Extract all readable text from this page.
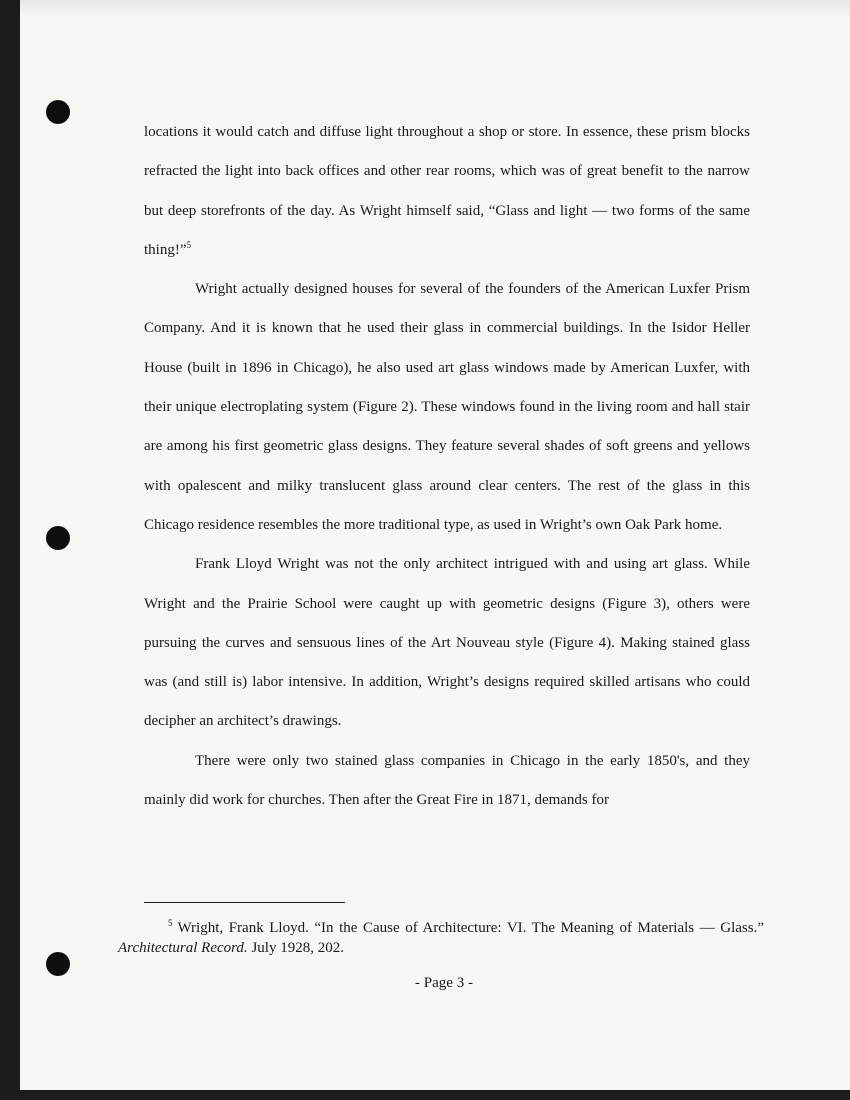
locations it would catch and diffuse light throughout a shop or store. In essence, these prism blocks refracted the light into back offices and other rear rooms, which was of great benefit to the narrow but deep storefronts of the day. As Wright himself said, “Glass and light — two forms of the same thing!”$^5$

Wright actually designed houses for several of the founders of the American Luxfer Prism Company. And it is known that he used their glass in commercial buildings. In the Isidor Heller House (built in 1896 in Chicago), he also used art glass windows made by American Luxfer, with their unique electroplating system (Figure 2). These windows found in the living room and hall stair are among his first geometric glass designs. They feature several shades of soft greens and yellows with opalescent and milky translucent glass around clear centers. The rest of the glass in this Chicago residence resembles the more traditional type, as used in Wright’s own Oak Park home.

Frank Lloyd Wright was not the only architect intrigued with and using art glass. While Wright and the Prairie School were caught up with geometric designs (Figure 3), others were pursuing the curves and sensuous lines of the Art Nouveau style (Figure 4). Making stained glass was (and still is) labor intensive. In addition, Wright’s designs required skilled artisans who could decipher an architect’s drawings.

There were only two stained glass companies in Chicago in the early 1850's, and they mainly did work for churches. Then after the Great Fire in 1871, demands for

$^5$ Wright, Frank Lloyd. “In the Cause of Architecture: VI. The Meaning of Materials — Glass.” Architectural Record. July 1928, 202.

- Page 3 -
